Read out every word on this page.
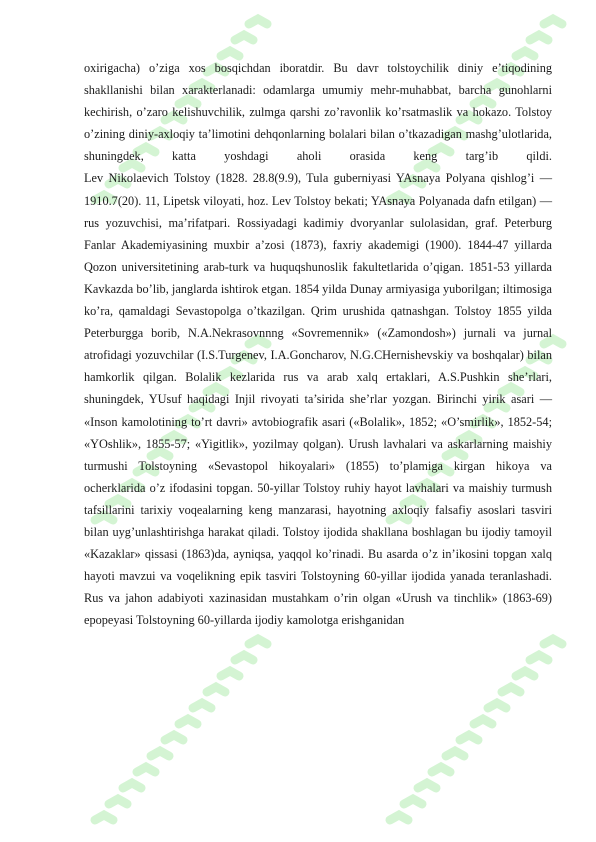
oxirigacha) o’ziga xos bosqichdan iboratdir. Bu davr tolstoychilik diniy e’tiqodining shakllanishi bilan xarakterlanadi: odamlarga umumiy mehr-muhabbat, barcha gunohlarni kechirish, o’zaro kelishuvchilik, zulmga qarshi zo’ravonlik ko’rsatmaslik va hokazo. Tolstoy o’zining diniy-axloqiy ta’limotini dehqonlarning bolalari bilan o’tkazadigan mashg’ulotlarida, shuningdek, katta yoshdagi aholi orasida keng targ’ib qildi.

Lev Nikolaevich Tolstoy (1828. 28.8(9.9), Tula guberniyasi YAsnaya Polyana qishlog’i — 1910.7(20). 11, Lipetsk viloyati, hoz. Lev Tolstoy bekati; YAsnaya Polyanada dafn etilgan) — rus yozuvchisi, ma’rifatpari. Rossiyadagi kadimiy dvoryanlar sulolasidan, graf. Peterburg Fanlar Akademiyasining muxbir a’zosi (1873), faxriy akademigi (1900). 1844-47 yillarda Qozon universitetining arab-turk va huquqshunoslik fakultetlarida o’qigan. 1851-53 yillarda Kavkazda bo’lib, janglarda ishtirok etgan. 1854 yilda Dunay armiyasiga yuborilgan; iltimosiga ko’ra, qamaldagi Sevastopolga o’tkazilgan. Qrim urushida qatnashgan. Tolstoy 1855 yilda Peterburgga borib, N.A.Nekrasovnnng «Sovremennik» («Zamondosh») jurnali va jurnal atrofidagi yozuvchilar (I.S.Turgenev, I.A.Goncharov, N.G.CHernishevskiy va boshqalar) bilan hamkorlik qilgan. Bolalik kezlarida rus va arab xalq ertaklari, A.S.Pushkin she’rlari, shuningdek, YUsuf haqidagi Injil rivoyati ta’sirida she’rlar yozgan. Birinchi yirik asari — «Inson kamolotining to’rt davri» avtobiografik asari («Bolalik», 1852; «O’smirlik», 1852-54; «YOshlik», 1855-57; «Yigitlik», yozilmay qolgan). Urush lavhalari va askarlarning maishiy turmushi Tolstoyning «Sevastopol hikoyalari» (1855) to’plamiga kirgan hikoya va ocherklarida o’z ifodasini topgan. 50-yillar Tolstoy ruhiy hayot lavhalari va maishiy turmush tafsillarini tarixiy voqealarning keng manzarasi, hayotning axloqiy falsafiy asoslari tasviri bilan uyg’unlashtirishga harakat qiladi. Tolstoy ijodida shakllana boshlagan bu ijodiy tamoyil «Kazaklar» qissasi (1863)da, ayniqsa, yaqqol ko’rinadi. Bu asarda o’z in’ikosini topgan xalq hayoti mavzui va voqelikning epik tasviri Tolstoyning 60-yillar ijodida yanada teranlashadi. Rus va jahon adabiyoti xazinasidan mustahkam o’rin olgan «Urush va tinchlik» (1863-69) epopeyasi Tolstoyning 60-yillarda ijodiy kamolotga erishganidan
